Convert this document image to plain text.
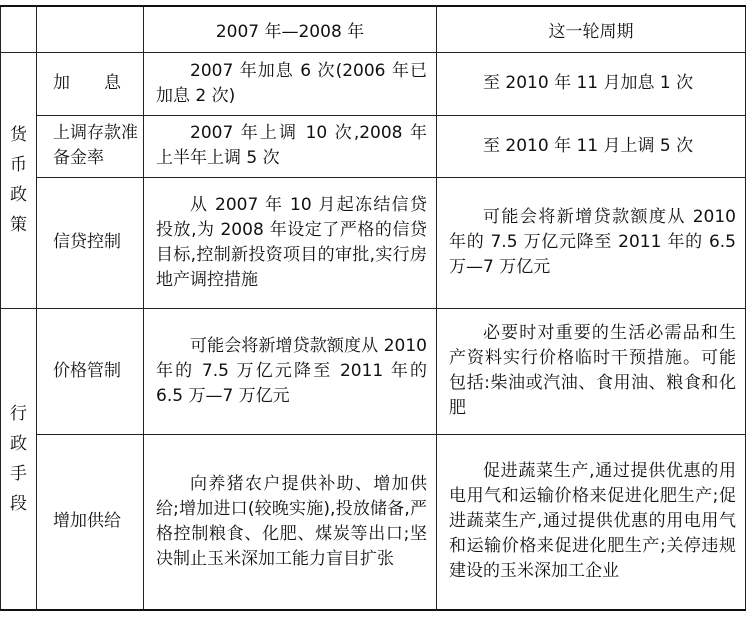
		2007 年—2008 年	这一轮周期

货
币
政
策	加 息	2007 年加息 6 次(2006 年已加息 2 次)	至 2010 年 11 月加息 1 次
	上调存款准备金率	2007 年上调 10 次,2008 年上半年上调 5 次	至 2010 年 11 月上调 5 次
	信贷控制	从 2007 年 10 月起冻结信贷投放,为 2008 年设定了严格的信贷目标,控制新投资项目的审批,实行房地产调控措施	可能会将新增贷款额度从 2010 年的 7.5 万亿元降至 2011 年的 6.5 万—7 万亿元

行
政
手
段	价格管制	可能会将新增贷款额度从 2010 年的 7.5 万亿元降至 2011 年的 6.5 万—7 万亿元	必要时对重要的生活必需品和生产资料实行价格临时干预措施。可能包括:柴油或汽油、食用油、粮食和化肥
	增加供给	向养猪农户提供补助、增加供给;增加进口(较晚实施),投放储备,严格控制粮食、化肥、煤炭等出口;坚决制止玉米深加工能力盲目扩张	促进蔬菜生产,通过提供优惠的用电用气和运输价格来促进化肥生产;促进蔬菜生产,通过提供优惠的用电用气和运输价格来促进化肥生产;关停违规建设的玉米深加工企业
